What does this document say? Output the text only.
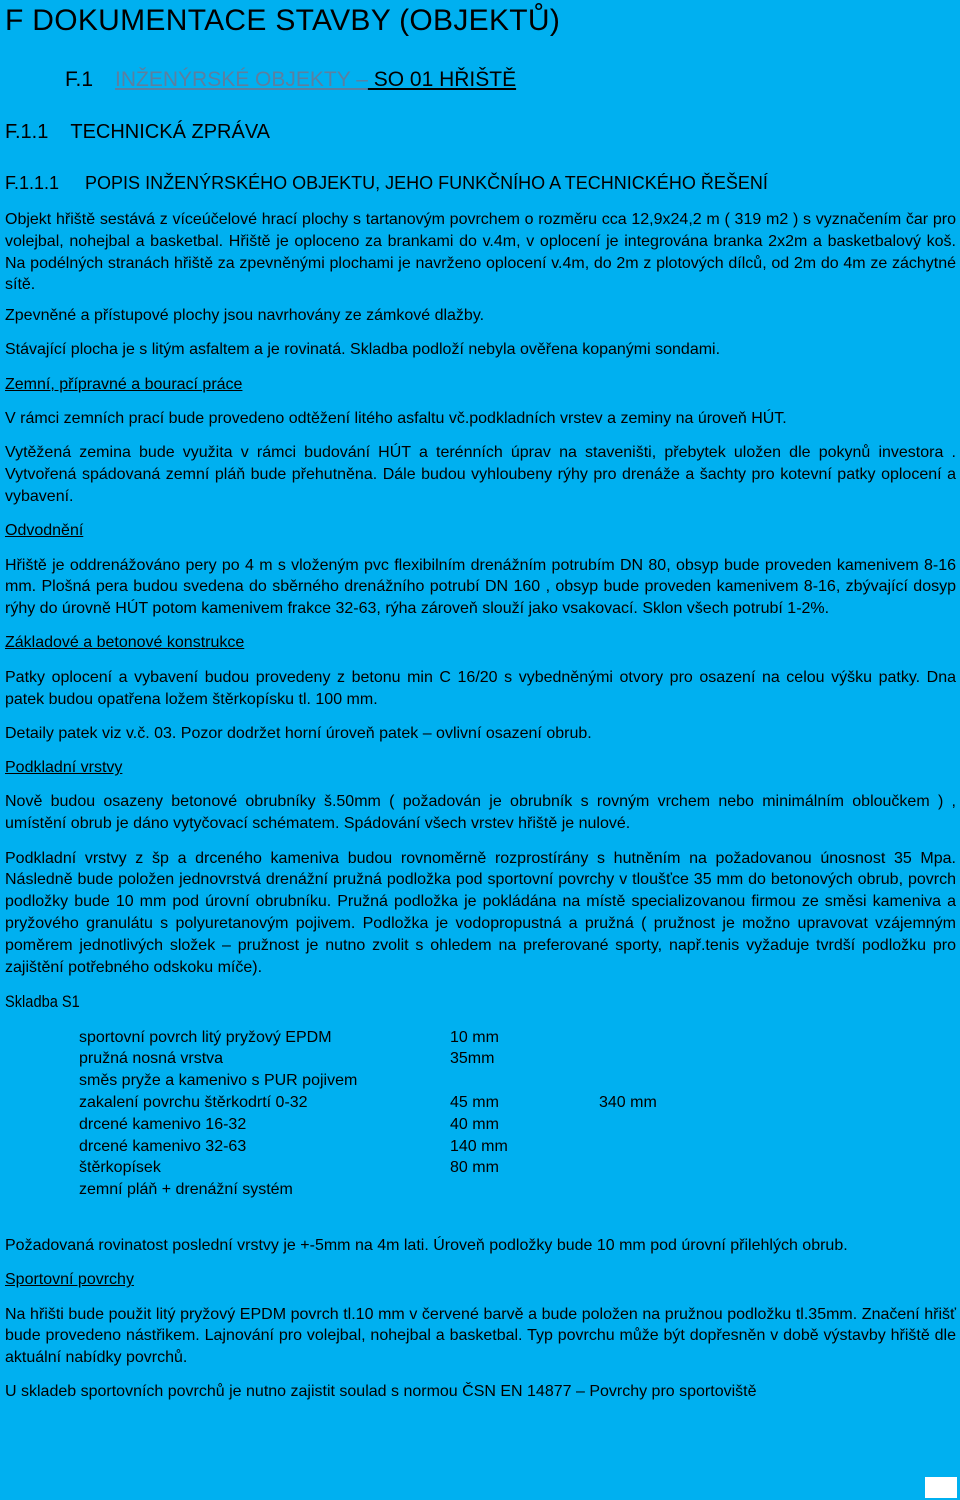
F DOKUMENTACE STAVBY (OBJEKTŮ)
F.1 INŽENÝRSKÉ OBJEKTY – SO 01 HŘIŠTĚ
F.1.1 TECHNICKÁ ZPRÁVA
F.1.1.1 POPIS INŽENÝRSKÉHO OBJEKTU, JEHO FUNKČNÍHO A TECHNICKÉHO ŘEŠENÍ

Objekt hřiště sestává z víceúčelové hrací plochy s tartanovým povrchem o rozměru cca 12,9x24,2 m ( 319 m2 ) s vyznačením čar pro volejbal, nohejbal a basketbal. Hřiště je oploceno za brankami do v.4m, v oplocení je integrována branka 2x2m a basketbalový koš. Na podélných stranách hřiště za zpevněnými plochami je navrženo oplocení v.4m, do 2m z plotových dílců, od 2m do 4m ze záchytné sítě.

Zpevněné a přístupové plochy jsou navrhovány ze zámkové dlažby.

Stávající plocha je s litým asfaltem a je rovinatá. Skladba podloží nebyla ověřena kopanými sondami.

Zemní, přípravné a bourací práce

V rámci zemních prací bude provedeno odtěžení litého asfaltu vč.podkladních vrstev a zeminy na úroveň HÚT.

Vytěžená zemina bude využita v rámci budování HÚT a terénních úprav na staveništi, přebytek uložen dle pokynů investora . Vytvořená spádovaná zemní pláň bude přehutněna. Dále budou vyhloubeny rýhy pro drenáže a šachty pro kotevní patky oplocení a vybavení.

Odvodnění

Hřiště je oddrenážováno pery po 4 m s vloženým pvc flexibilním drenážním potrubím DN 80, obsyp bude proveden kamenivem 8-16 mm. Plošná pera budou svedena do sběrného drenážního potrubí DN 160 , obsyp bude proveden kamenivem 8-16, zbývající dosyp rýhy do úrovně HÚT potom kamenivem frakce 32-63, rýha zároveň slouží jako vsakovací. Sklon všech potrubí 1-2%.

Základové a betonové konstrukce

Patky oplocení a vybavení budou provedeny z betonu min C 16/20 s vybedněnými otvory pro osazení na celou výšku patky. Dna patek budou opatřena ložem štěrkopísku tl. 100 mm.

Detaily patek viz v.č. 03. Pozor dodržet horní úroveň patek – ovlivní osazení obrub.

Podkladní vrstvy

Nově budou osazeny betonové obrubníky š.50mm ( požadován je obrubník s rovným vrchem nebo minimálním obloučkem ) , umístění obrub je dáno vytyčovací schématem. Spádování všech vrstev hřiště je nulové.

Podkladní vrstvy z šp a drceného kameniva budou rovnoměrně rozprostírány s hutněním na požadovanou únosnost 35 Mpa. Následně bude položen jednovrstvá drenážní pružná podložka pod sportovní povrchy v tloušťce 35 mm do betonových obrub, povrch podložky bude 10 mm pod úrovní obrubníku. Pružná podložka je pokládána na místě specializovanou firmou ze směsi kameniva a pryžového granulátu s polyuretanovým pojivem. Podložka je vodopropustná a pružná ( pružnost je možno upravovat vzájemným poměrem jednotlivých složek – pružnost je nutno zvolit s ohledem na preferované sporty, např.tenis vyžaduje tvrdší podložku pro zajištění potřebného odskoku míče).

Skladba S1
sportovní povrch litý pryžový EPDM	10 mm	
pružná nosná vrstva	35mm	
směs pryže a kamenivo s PUR pojivem		
zakalení povrchu štěrkodrtí 0-32	45 mm	340 mm
drcené kamenivo 16-32	40 mm	
drcené kamenivo 32-63	140 mm	
štěrkopísek	80 mm	
zemní pláň + drenážní systém		

Požadovaná rovinatost poslední vrstvy je +-5mm na 4m lati. Úroveň podložky bude 10 mm pod úrovní přilehlých obrub.

Sportovní povrchy

Na hřišti bude použit litý pryžový EPDM povrch tl.10 mm v červené barvě a bude položen na pružnou podložku tl.35mm. Značení hřišť bude provedeno nástřikem. Lajnování pro volejbal, nohejbal a basketbal. Typ povrchu může být dopřesněn v době výstavby hřiště dle aktuální nabídky povrchů.

U skladeb sportovních povrchů je nutno zajistit soulad s normou ČSN EN 14877 – Povrchy pro sportoviště
